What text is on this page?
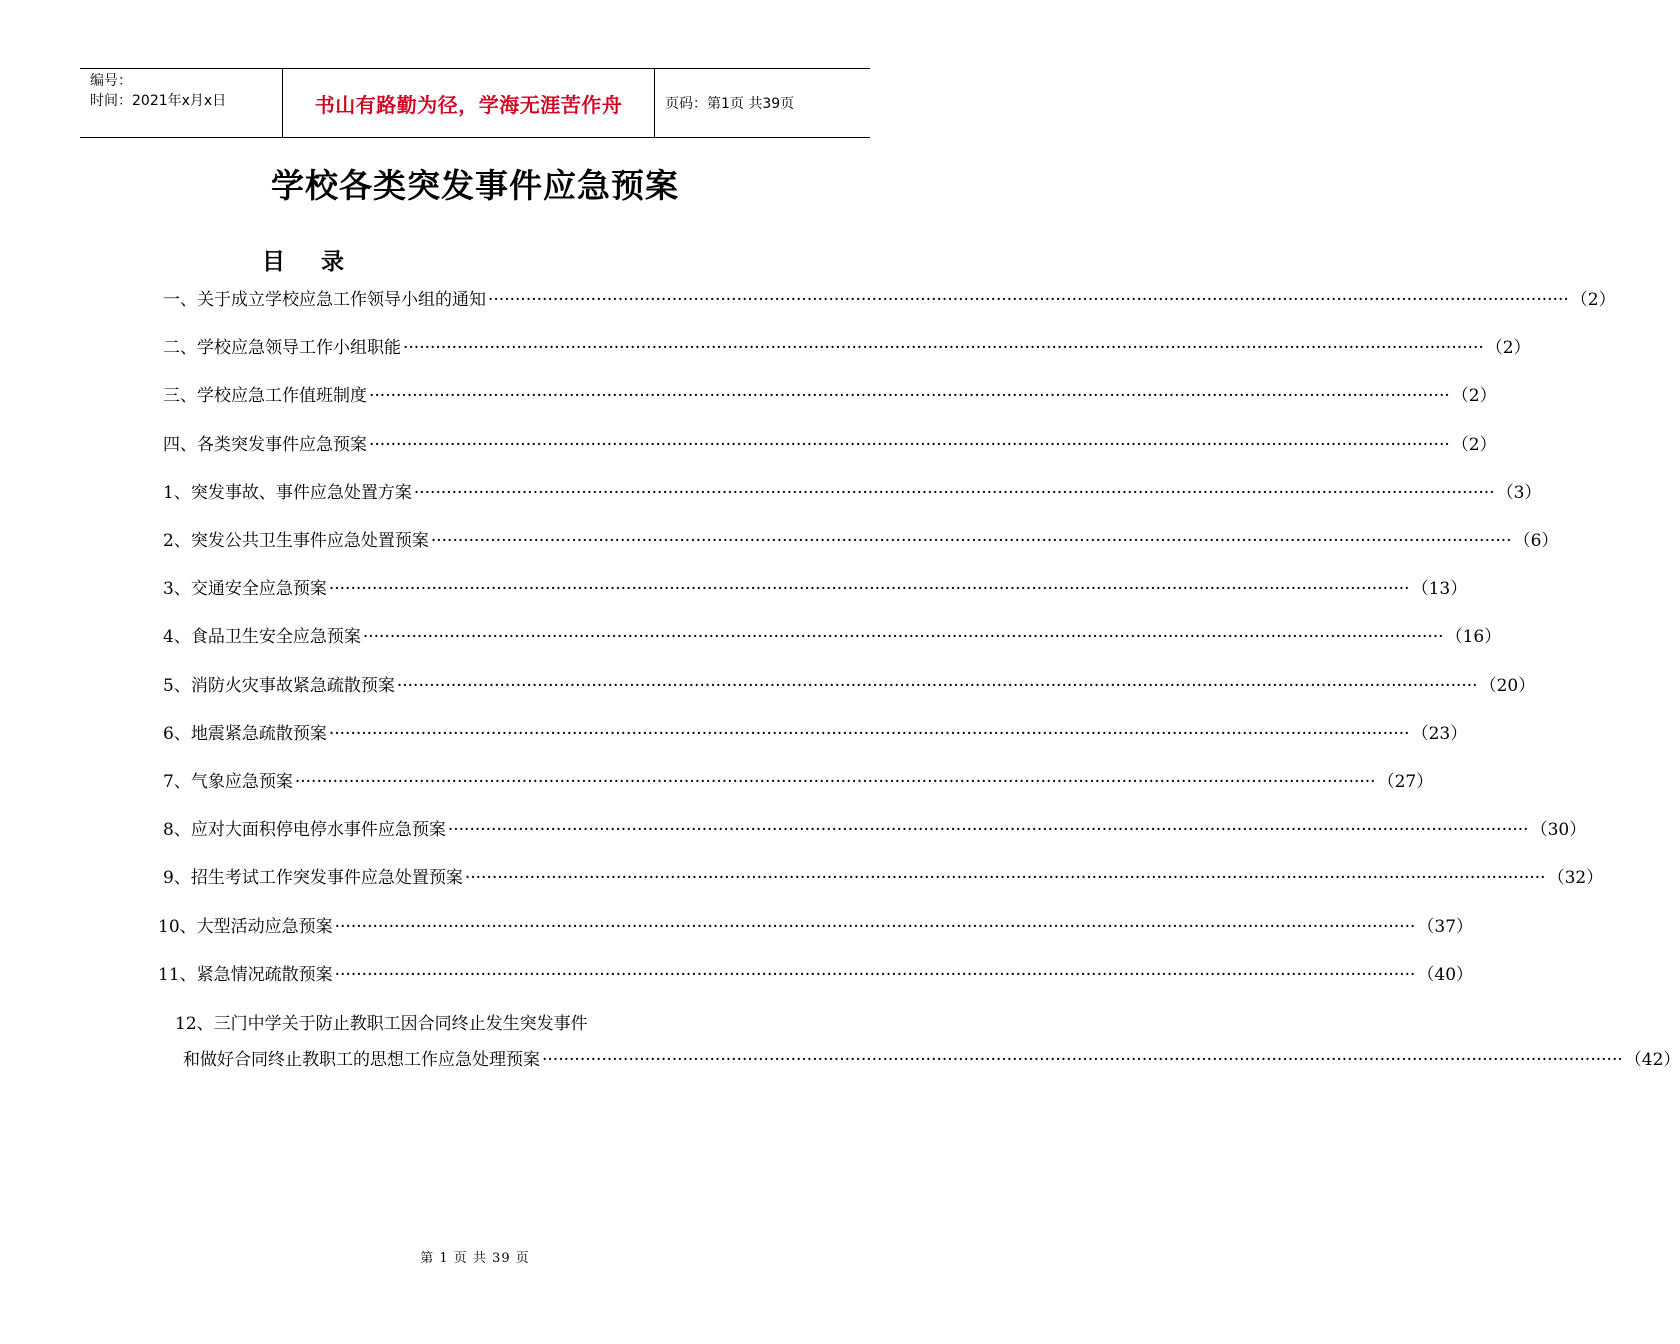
编号：
时间：2021年x月x日	书山有路勤为径，学海无涯苦作舟	页码：第1页 共39页
学校各类突发事件应急预案
目录
一、关于成立学校应急工作领导小组的通知 ········································································································································································································ （2）
二、学校应急领导工作小组职能 ········································································································································································································ （2）
三、学校应急工作值班制度 ········································································································································································································ （2）
四、各类突发事件应急预案 ········································································································································································································ （2）
1、突发事故、事件应急处置方案 ········································································································································································································ （3）
2、突发公共卫生事件应急处置预案 ········································································································································································································ （6）
3、交通安全应急预案 ········································································································································································································ （13）
4、食品卫生安全应急预案 ········································································································································································································ （16）
5、消防火灾事故紧急疏散预案 ········································································································································································································ （20）
6、地震紧急疏散预案 ········································································································································································································ （23）
7、气象应急预案 ········································································································································································································ （27）
8、应对大面积停电停水事件应急预案 ········································································································································································································ （30）
9、招生考试工作突发事件应急处置预案 ········································································································································································································ （32）
10、大型活动应急预案 ········································································································································································································ （37）
11、紧急情况疏散预案 ········································································································································································································ （40）
12、三门中学关于防止教职工因合同终止发生突发事件
和做好合同终止教职工的思想工作应急处理预案 ········································································································································································································ （42）
第 1 页 共 39 页
